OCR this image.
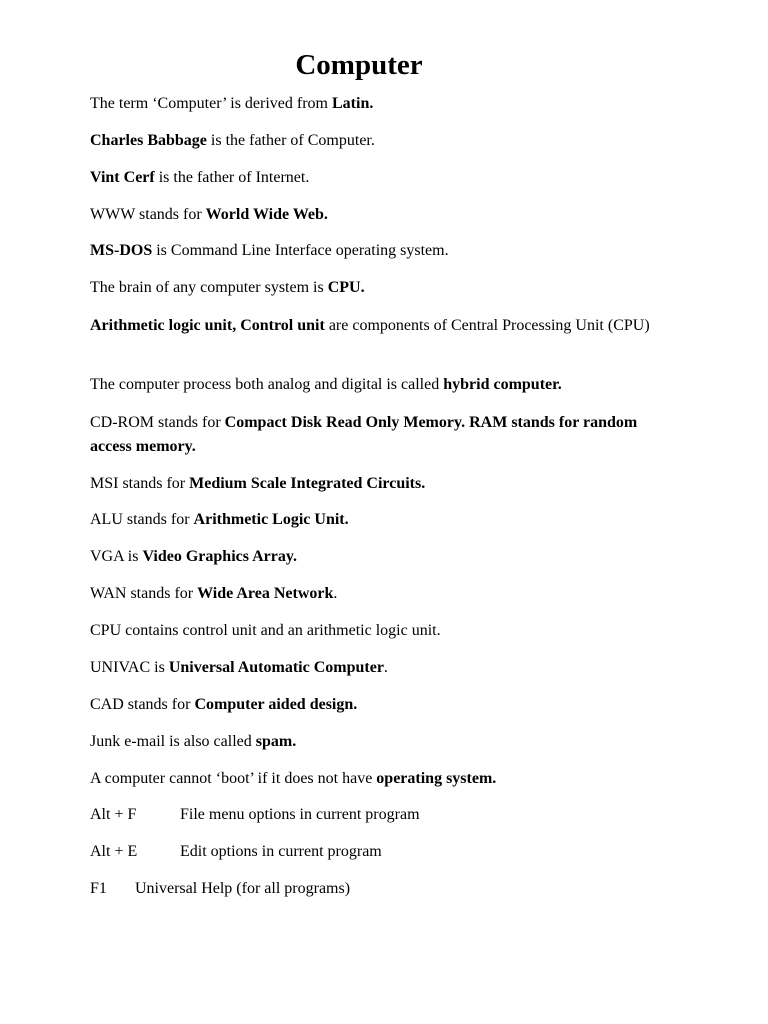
Computer

The term ‘Computer’ is derived from Latin.

Charles Babbage is the father of Computer.

Vint Cerf is the father of Internet.

WWW stands for World Wide Web.

MS-DOS is Command Line Interface operating system.

The brain of any computer system is CPU.

Arithmetic logic unit, Control unit are components of Central Processing Unit (CPU)

The computer process both analog and digital is called hybrid computer.

CD-ROM stands for Compact Disk Read Only Memory. RAM stands for random access memory.

MSI stands for Medium Scale Integrated Circuits.

ALU stands for Arithmetic Logic Unit.

VGA is Video Graphics Array.

WAN stands for Wide Area Network.

CPU contains control unit and an arithmetic logic unit.

UNIVAC is Universal Automatic Computer.

CAD stands for Computer aided design.

Junk e-mail is also called spam.

A computer cannot ‘boot’ if it does not have operating system.

Alt + F	File menu options in current program

Alt + E	Edit options in current program

F1 Universal Help (for all programs)
